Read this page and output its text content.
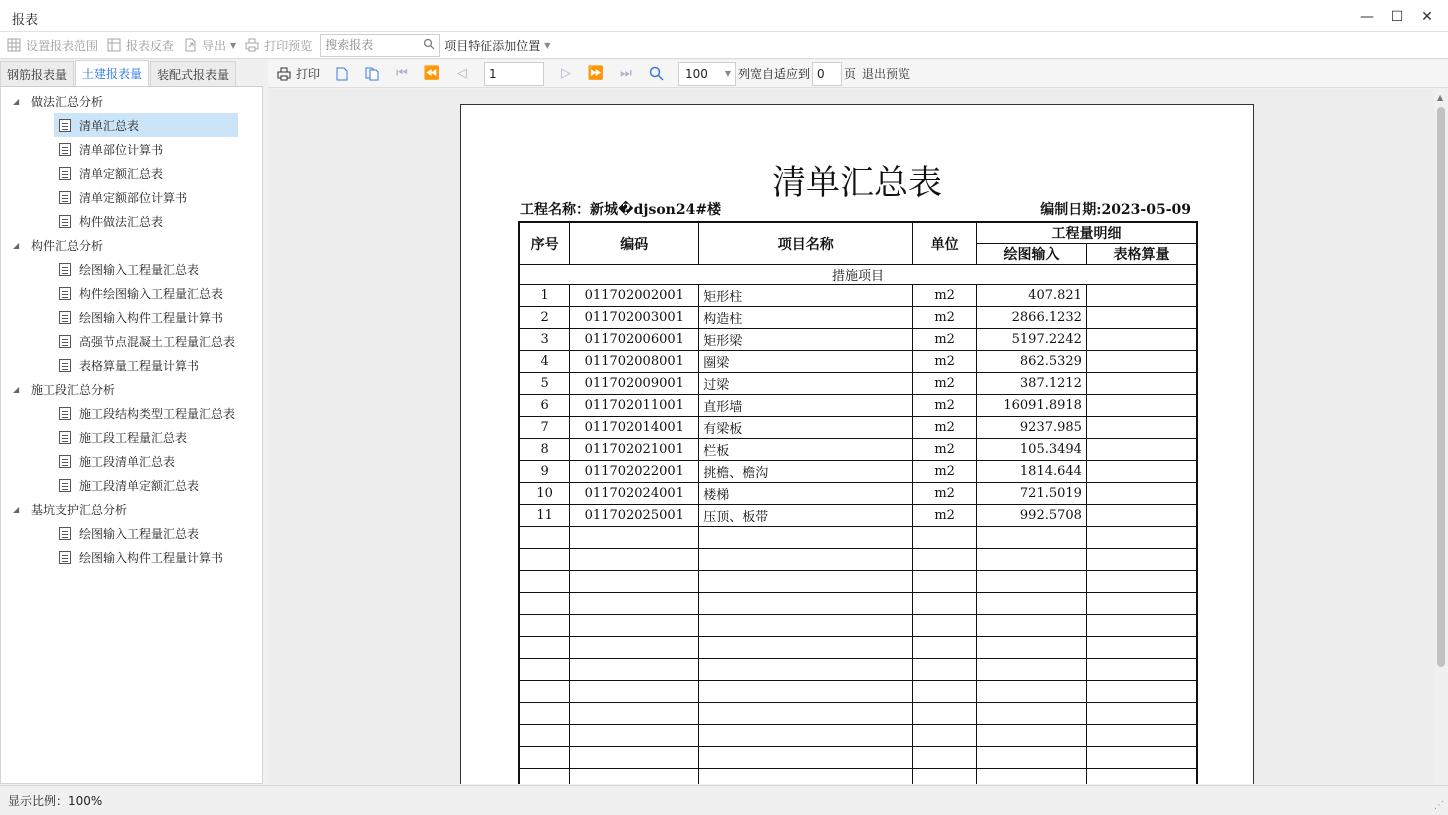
报表	—	☐	✕
设置报表范围 报表反查 导出 ▼ 打印预览
搜索报表	项目特征添加位置 ▼
钢筋报表量 土建报表量 装配式报表量
◢ 做法汇总分析
清单汇总表
清单部位计算书
清单定额汇总表
清单定额部位计算书
构件做法汇总表
◢ 构件汇总分析
绘图输入工程量汇总表
构件绘图输入工程量汇总表
绘图输入构件工程量计算书
高强节点混凝土工程量汇总表
表格算量工程量计算书
◢ 施工段汇总分析
施工段结构类型工程量汇总表
施工段工程量汇总表
施工段清单汇总表
施工段清单定额汇总表
◢ 基坑支护汇总分析
绘图输入工程量汇总表
绘图输入构件工程量计算书
打印	⏮ ⏪ ◁ 1	▷ ⏩ ⏭	100 ▼ 列宽自适应到 0 页 退出预览
清单汇总表
工程名称：新城�djson24#楼	编制日期:2023-05-09
序号	编码	项目名称	单位	工程量明细	
				绘图输入	表格算量
措施项目					
1	011702002001	矩形柱	m2	407.821	
2	011702003001	构造柱	m2	2866.1232	
3	011702006001	矩形梁	m2	5197.2242	
4	011702008001	圈梁	m2	862.5329	
5	011702009001	过梁	m2	387.1212	
6	011702011001	直形墙	m2	16091.8918	
7	011702014001	有梁板	m2	9237.985	
8	011702021001	栏板	m2	105.3494	
9	011702022001	挑檐、檐沟	m2	1814.644	
10	011702024001	楼梯	m2	721.5019	
11	011702025001	压顶、板带	m2	992.5708	

▲
显示比例：100%	⋰
